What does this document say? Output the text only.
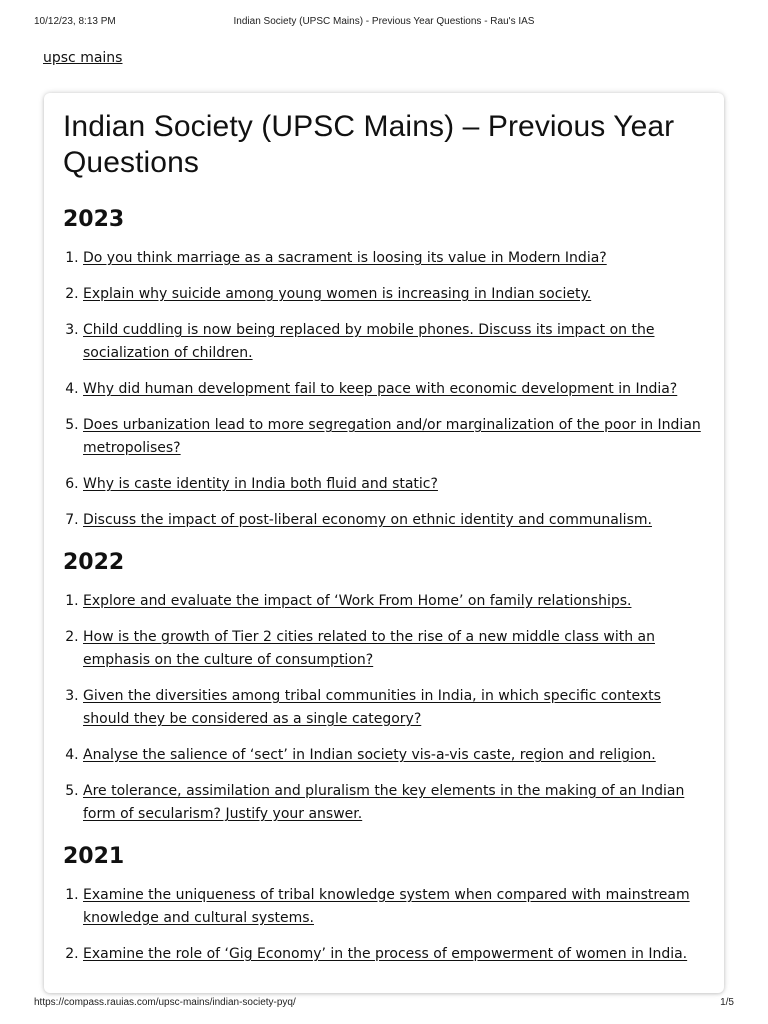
10/12/23, 8:13 PM	Indian Society (UPSC Mains) - Previous Year Questions - Rau's IAS
upsc mains
Indian Society (UPSC Mains) – Previous Year Questions
2023
1. Do you think marriage as a sacrament is loosing its value in Modern India?
2. Explain why suicide among young women is increasing in Indian society.
3. Child cuddling is now being replaced by mobile phones. Discuss its impact on the socialization of children.
4. Why did human development fail to keep pace with economic development in India?
5. Does urbanization lead to more segregation and/or marginalization of the poor in Indian metropolises?
6. Why is caste identity in India both fluid and static?
7. Discuss the impact of post-liberal economy on ethnic identity and communalism.
2022
1. Explore and evaluate the impact of ‘Work From Home’ on family relationships.
2. How is the growth of Tier 2 cities related to the rise of a new middle class with an emphasis on the culture of consumption?
3. Given the diversities among tribal communities in India, in which specific contexts should they be considered as a single category?
4. Analyse the salience of ‘sect’ in Indian society vis-a-vis caste, region and religion.
5. Are tolerance, assimilation and pluralism the key elements in the making of an Indian form of secularism? Justify your answer.
2021
1. Examine the uniqueness of tribal knowledge system when compared with mainstream knowledge and cultural systems.
2. Examine the role of ‘Gig Economy’ in the process of empowerment of women in India.
https://compass.rauias.com/upsc-mains/indian-society-pyq/	1/5
